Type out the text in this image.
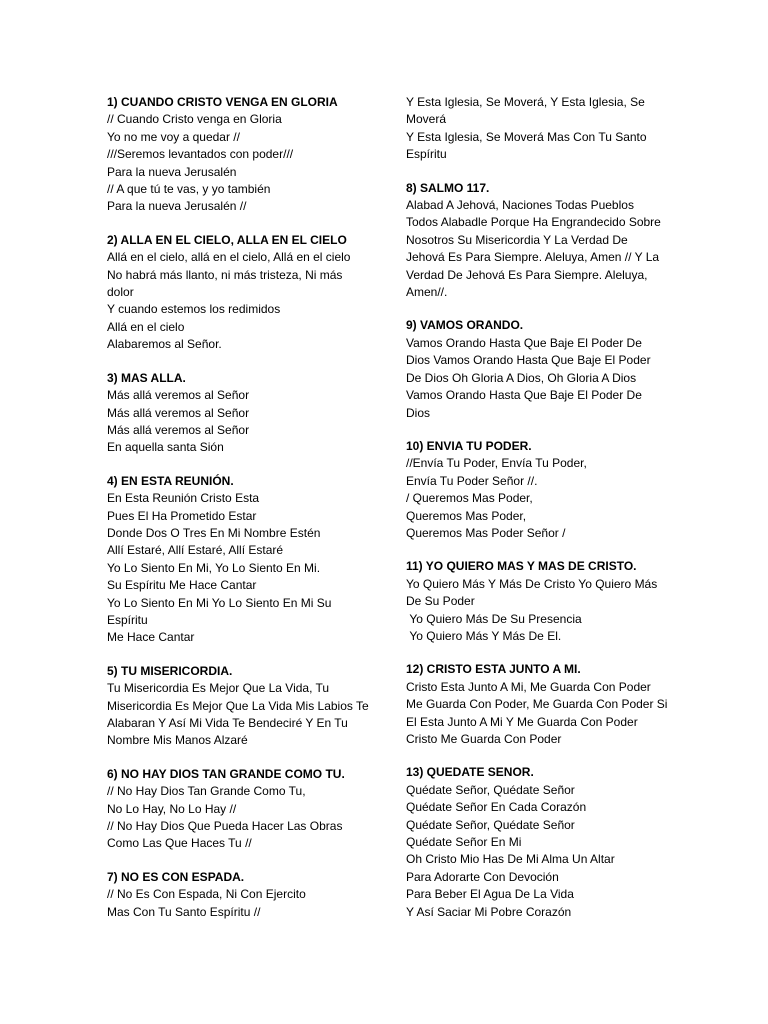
1) CUANDO CRISTO VENGA EN GLORIA
// Cuando Cristo venga en Gloria
Yo no me voy a quedar //
///Seremos levantados con poder///
Para la nueva Jerusalén
// A que tú te vas, y yo también
Para la nueva Jerusalén //
2) ALLA EN EL CIELO, ALLA EN EL CIELO
Allá en el cielo, allá en el cielo, Allá en el cielo
No habrá más llanto, ni más tristeza, Ni más dolor
Y cuando estemos los redimidos
Allá en el cielo
Alabaremos al Señor.
3) MAS ALLA.
Más allá veremos al Señor
Más allá veremos al Señor
Más allá veremos al Señor
En aquella santa Sión
4) EN ESTA REUNIÓN.
En Esta Reunión Cristo Esta
Pues El Ha Prometido Estar
Donde Dos O Tres En Mi Nombre Estén
Allí Estaré, Allí Estaré, Allí Estaré
Yo Lo Siento En Mi, Yo Lo Siento En Mi.
Su Espíritu Me Hace Cantar
Yo Lo Siento En Mi Yo Lo Siento En Mi Su Espíritu
Me Hace Cantar
5) TU MISERICORDIA.
Tu Misericordia Es Mejor Que La Vida, Tu Misericordia Es Mejor Que La Vida Mis Labios Te Alabaran Y Así Mi Vida Te Bendeciré Y En Tu Nombre Mis Manos Alzaré
6) NO HAY DIOS TAN GRANDE COMO TU.
// No Hay Dios Tan Grande Como Tu,
No Lo Hay, No Lo Hay //
// No Hay Dios Que Pueda Hacer Las Obras
Como Las Que Haces Tu //
7) NO ES CON ESPADA.
// No Es Con Espada, Ni Con Ejercito
Mas Con Tu Santo Espíritu //
Y Esta Iglesia, Se Moverá, Y Esta Iglesia, Se Moverá
Y Esta Iglesia, Se Moverá Mas Con Tu Santo Espíritu
8) SALMO 117.
Alabad A Jehová, Naciones Todas Pueblos Todos Alabadle Porque Ha Engrandecido Sobre Nosotros Su Misericordia Y La Verdad De Jehová Es Para Siempre. Aleluya, Amen // Y La Verdad De Jehová Es Para Siempre. Aleluya, Amen//.
9) VAMOS ORANDO.
Vamos Orando Hasta Que Baje El Poder De Dios Vamos Orando Hasta Que Baje El Poder De Dios Oh Gloria A Dios, Oh Gloria A Dios Vamos Orando Hasta Que Baje El Poder De Dios
10) ENVIA TU PODER.
//Envía Tu Poder, Envía Tu Poder,
Envía Tu Poder Señor //.
/ Queremos Mas Poder,
Queremos Mas Poder,
Queremos Mas Poder Señor /
11) YO QUIERO MAS Y MAS DE CRISTO.
Yo Quiero Más Y Más De Cristo Yo Quiero Más De Su Poder
Yo Quiero Más De Su Presencia
Yo Quiero Más Y Más De El.
12) CRISTO ESTA JUNTO A MI.
Cristo Esta Junto A Mi, Me Guarda Con Poder Me Guarda Con Poder, Me Guarda Con Poder Si El Esta Junto A Mi Y Me Guarda Con Poder Cristo Me Guarda Con Poder
13) QUEDATE SENOR.
Quédate Señor, Quédate Señor
Quédate Señor En Cada Corazón
Quédate Señor, Quédate Señor
Quédate Señor En Mi
Oh Cristo Mio Has De Mi Alma Un Altar
Para Adorarte Con Devoción
Para Beber El Agua De La Vida
Y Así Saciar Mi Pobre Corazón
